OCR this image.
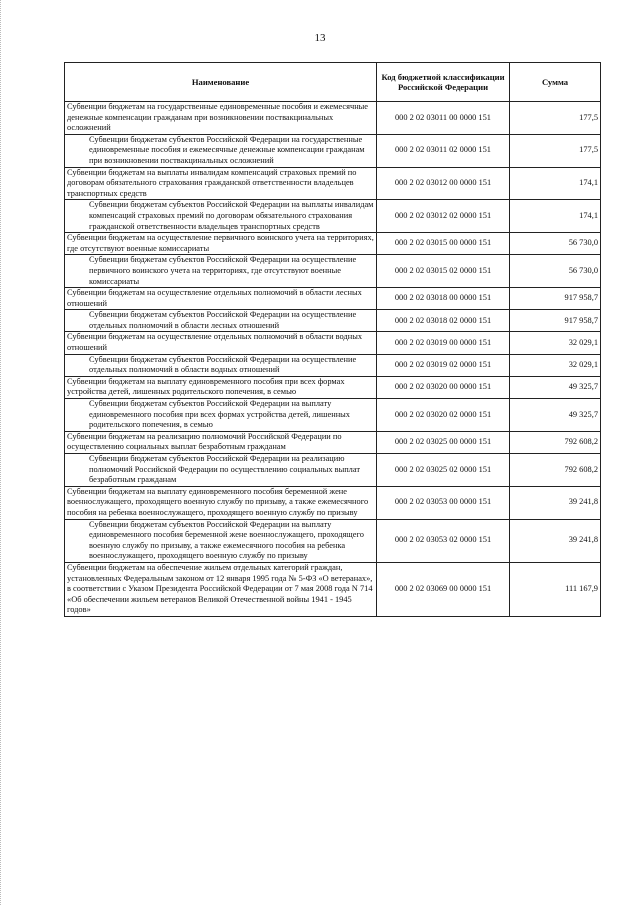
13
Наименование	Код бюджетной классификации Российской Федерации	Сумма
Субвенции бюджетам на государственные единовременные пособия и ежемесячные денежные компенсации гражданам при возникновении поствакцинальных осложнений	000 2 02 03011 00 0000 151	177,5
Субвенции бюджетам субъектов Российской Федерации на государственные единовременные пособия и ежемесячные денежные компенсации гражданам при возникновении поствакцинальных осложнений	000 2 02 03011 02 0000 151	177,5
Субвенции бюджетам на выплаты инвалидам компенсаций страховых премий по договорам обязательного страхования гражданской ответственности владельцев транспортных средств	000 2 02 03012 00 0000 151	174,1
Субвенции бюджетам субъектов Российской Федерации на выплаты инвалидам компенсаций страховых премий по договорам обязательного страхования гражданской ответственности владельцев транспортных средств	000 2 02 03012 02 0000 151	174,1
Субвенции бюджетам на осуществление первичного воинского учета на территориях, где отсутствуют военные комиссариаты	000 2 02 03015 00 0000 151	56 730,0
Субвенции бюджетам субъектов Российской Федерации на осуществление первичного воинского учета на территориях, где отсутствуют военные комиссариаты	000 2 02 03015 02 0000 151	56 730,0
Субвенции бюджетам на осуществление отдельных полномочий в области лесных отношений	000 2 02 03018 00 0000 151	917 958,7
Субвенции бюджетам субъектов Российской Федерации на осуществление отдельных полномочий в области лесных отношений	000 2 02 03018 02 0000 151	917 958,7
Субвенции бюджетам на осуществление отдельных полномочий в области водных отношений	000 2 02 03019 00 0000 151	32 029,1
Субвенции бюджетам субъектов Российской Федерации на осуществление отдельных полномочий в области водных отношений	000 2 02 03019 02 0000 151	32 029,1
Субвенции бюджетам на выплату единовременного пособия при всех формах устройства детей, лишенных родительского попечения, в семью	000 2 02 03020 00 0000 151	49 325,7
Субвенции бюджетам субъектов Российской Федерации на выплату единовременного пособия при всех формах устройства детей, лишенных родительского попечения, в семью	000 2 02 03020 02 0000 151	49 325,7
Субвенции бюджетам на реализацию полномочий Российской Федерации по осуществлению социальных выплат безработным гражданам	000 2 02 03025 00 0000 151	792 608,2
Субвенции бюджетам субъектов Российской Федерации на реализацию полномочий Российской Федерации по осуществлению социальных выплат безработным гражданам	000 2 02 03025 02 0000 151	792 608,2
Субвенции бюджетам на выплату единовременного пособия беременной жене военнослужащего, проходящего военную службу по призыву, а также ежемесячного пособия на ребенка военнослужащего, проходящего военную службу по призыву	000 2 02 03053 00 0000 151	39 241,8
Субвенции бюджетам субъектов Российской Федерации на выплату единовременного пособия беременной жене военнослужащего, проходящего военную службу по призыву, а также ежемесячного пособия на ребенка военнослужащего, проходящего военную службу по призыву	000 2 02 03053 02 0000 151	39 241,8
Субвенции бюджетам на обеспечение жильем отдельных категорий граждан, установленных Федеральным законом от 12 января 1995 года № 5-ФЗ «О ветеранах», в соответствии с Указом Президента Российской Федерации от 7 мая 2008 года N 714 «Об обеспечении жильем ветеранов Великой Отечественной войны 1941 - 1945 годов»	000 2 02 03069 00 0000 151	111 167,9
